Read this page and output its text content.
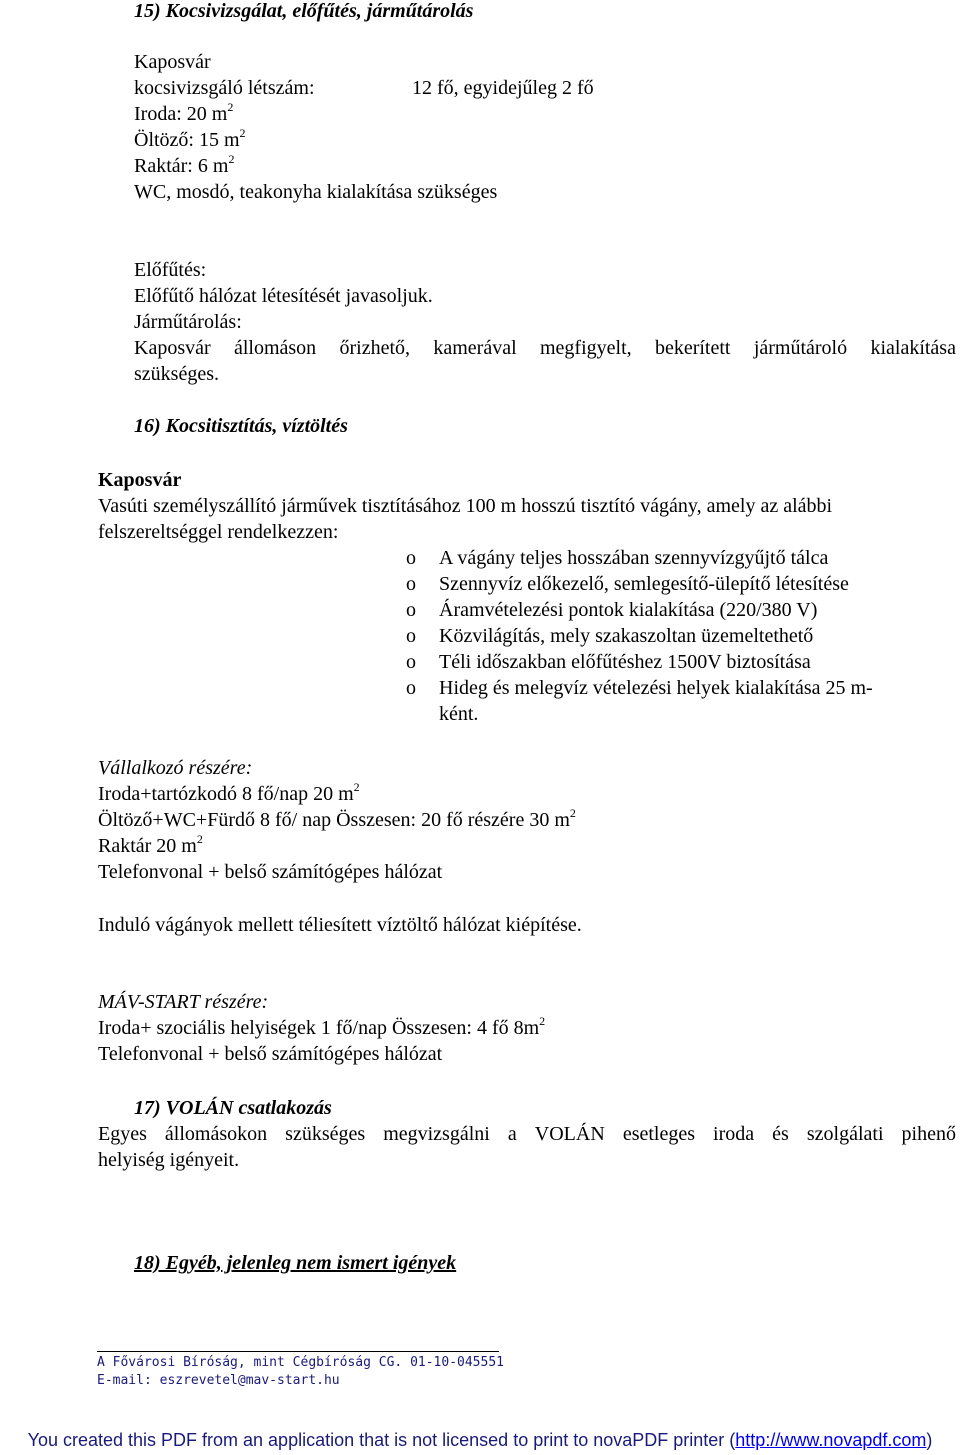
15) Kocsivizsgálat, előfűtés, járműtárolás
Kaposvár
kocsivizsgáló létszám:	12 fő, egyidejűleg 2 fő
Iroda: 20 $m^2$
Öltöző: 15 $m^2$
Raktár: 6 $m^2$
WC, mosdó, teakonyha kialakítása szükséges
Előfűtés:
Előfűtő hálózat létesítését javasoljuk.
Járműtárolás:
Kaposvár állomáson őrizhető, kamerával megfigyelt, bekerített járműtároló kialakítása
szükséges.
16) Kocsitisztítás, víztöltés
Kaposvár
Vasúti személyszállító járművek tisztításához 100 m hosszú tisztító vágány, amely az alábbi
felszereltséggel rendelkezzen:
o A vágány teljes hosszában szennyvízgyűjtő tálca
o Szennyvíz előkezelő, semlegesítő-ülepítő létesítése
o Áramvételezési pontok kialakítása (220/380 V)
o Közvilágítás, mely szakaszoltan üzemeltethető
o Téli időszakban előfűtéshez 1500V biztosítása
o Hideg és melegvíz vételezési helyek kialakítása 25 m-
ként.
Vállalkozó részére:
Iroda+tartózkodó 8 fő/nap 20 $m^2$
Öltöző+WC+Fürdő 8 fő/ nap Összesen: 20 fő részére 30 $m^2$
Raktár 20 $m^2$
Telefonvonal + belső számítógépes hálózat
Induló vágányok mellett téliesített víztöltő hálózat kiépítése.
MÁV-START részére:
Iroda+ szociális helyiségek 1 fő/nap Összesen: 4 fő $8m^2$
Telefonvonal + belső számítógépes hálózat
17) VOLÁN csatlakozás
Egyes állomásokon szükséges megvizsgálni a VOLÁN esetleges iroda és szolgálati pihenő
helyiség igényeit.
18) Egyéb, jelenleg nem ismert igények
A Fővárosi Bíróság, mint Cégbíróság CG. 01-10-045551
E-mail: eszrevetel@mav-start.hu
You created this PDF from an application that is not licensed to print to novaPDF printer (http://www.novapdf.com)
